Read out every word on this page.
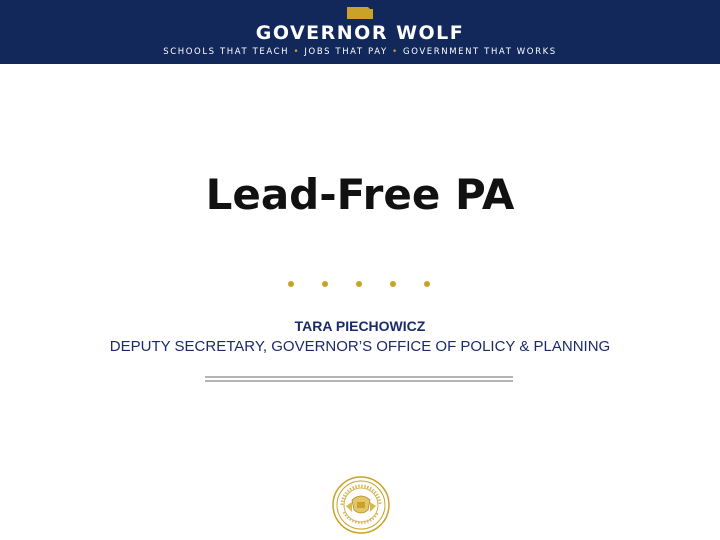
GOVERNOR WOLF
SCHOOLS THAT TEACH • JOBS THAT PAY • GOVERNMENT THAT WORKS
Lead-Free PA
TARA PIECHOWICZ
DEPUTY SECRETARY, GOVERNOR’S OFFICE OF POLICY & PLANNING
